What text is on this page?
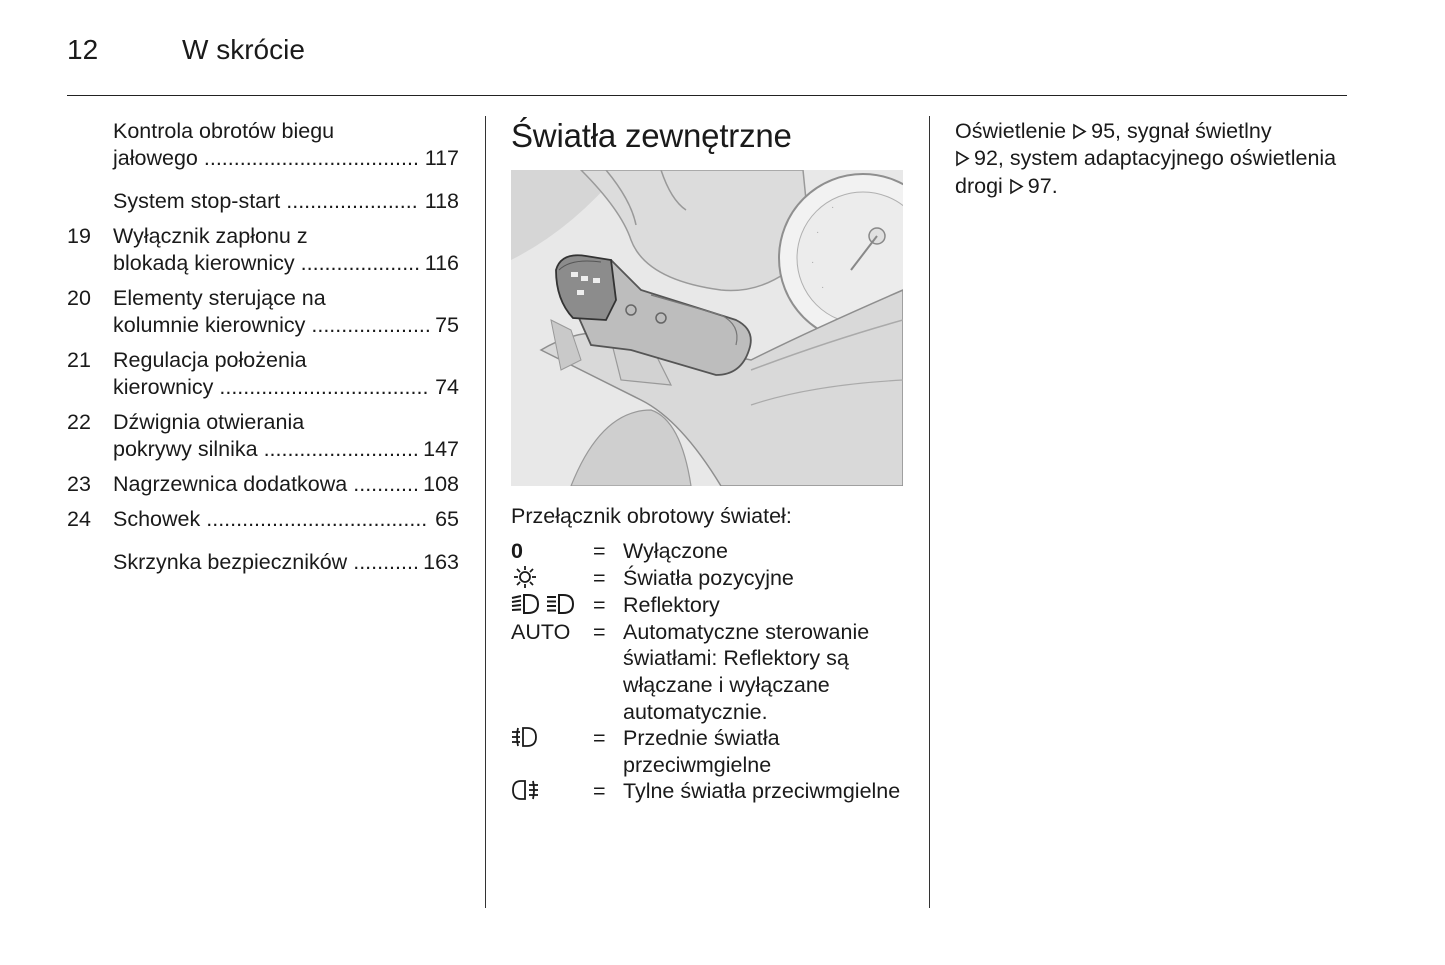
12	W skrócie
Kontrola obrotów biegu
jałowego .....	117
System stop-start .....	118
19 Wyłącznik zapłonu z
blokadą kierownicy .....	116
20 Elementy sterujące na
kolumnie kierownicy .....	75
21 Regulacja położenia
kierownicy .....	74
22 Dźwignia otwierania
pokrywy silnika .....	147
23 Nagrzewnica dodatkowa .....	108
24 Schowek .....	65
Skrzynka bezpieczników .....	163
Światła zewnętrzne
·
·
·
·
Przełącznik obrotowy świateł:
0	= Wyłączone
= Światła pozycyjne
= Reflektory
AUTO	= Automatyczne sterowanie światłami: Reflektory są włączane i wyłączane automatycznie.
= Przednie światła przeciwmgielne
= Tylne światła przeciwmgielne
Oświetlenie 95, sygnał świetlny
92, system adaptacyjnego oświetlenia drogi 97.
